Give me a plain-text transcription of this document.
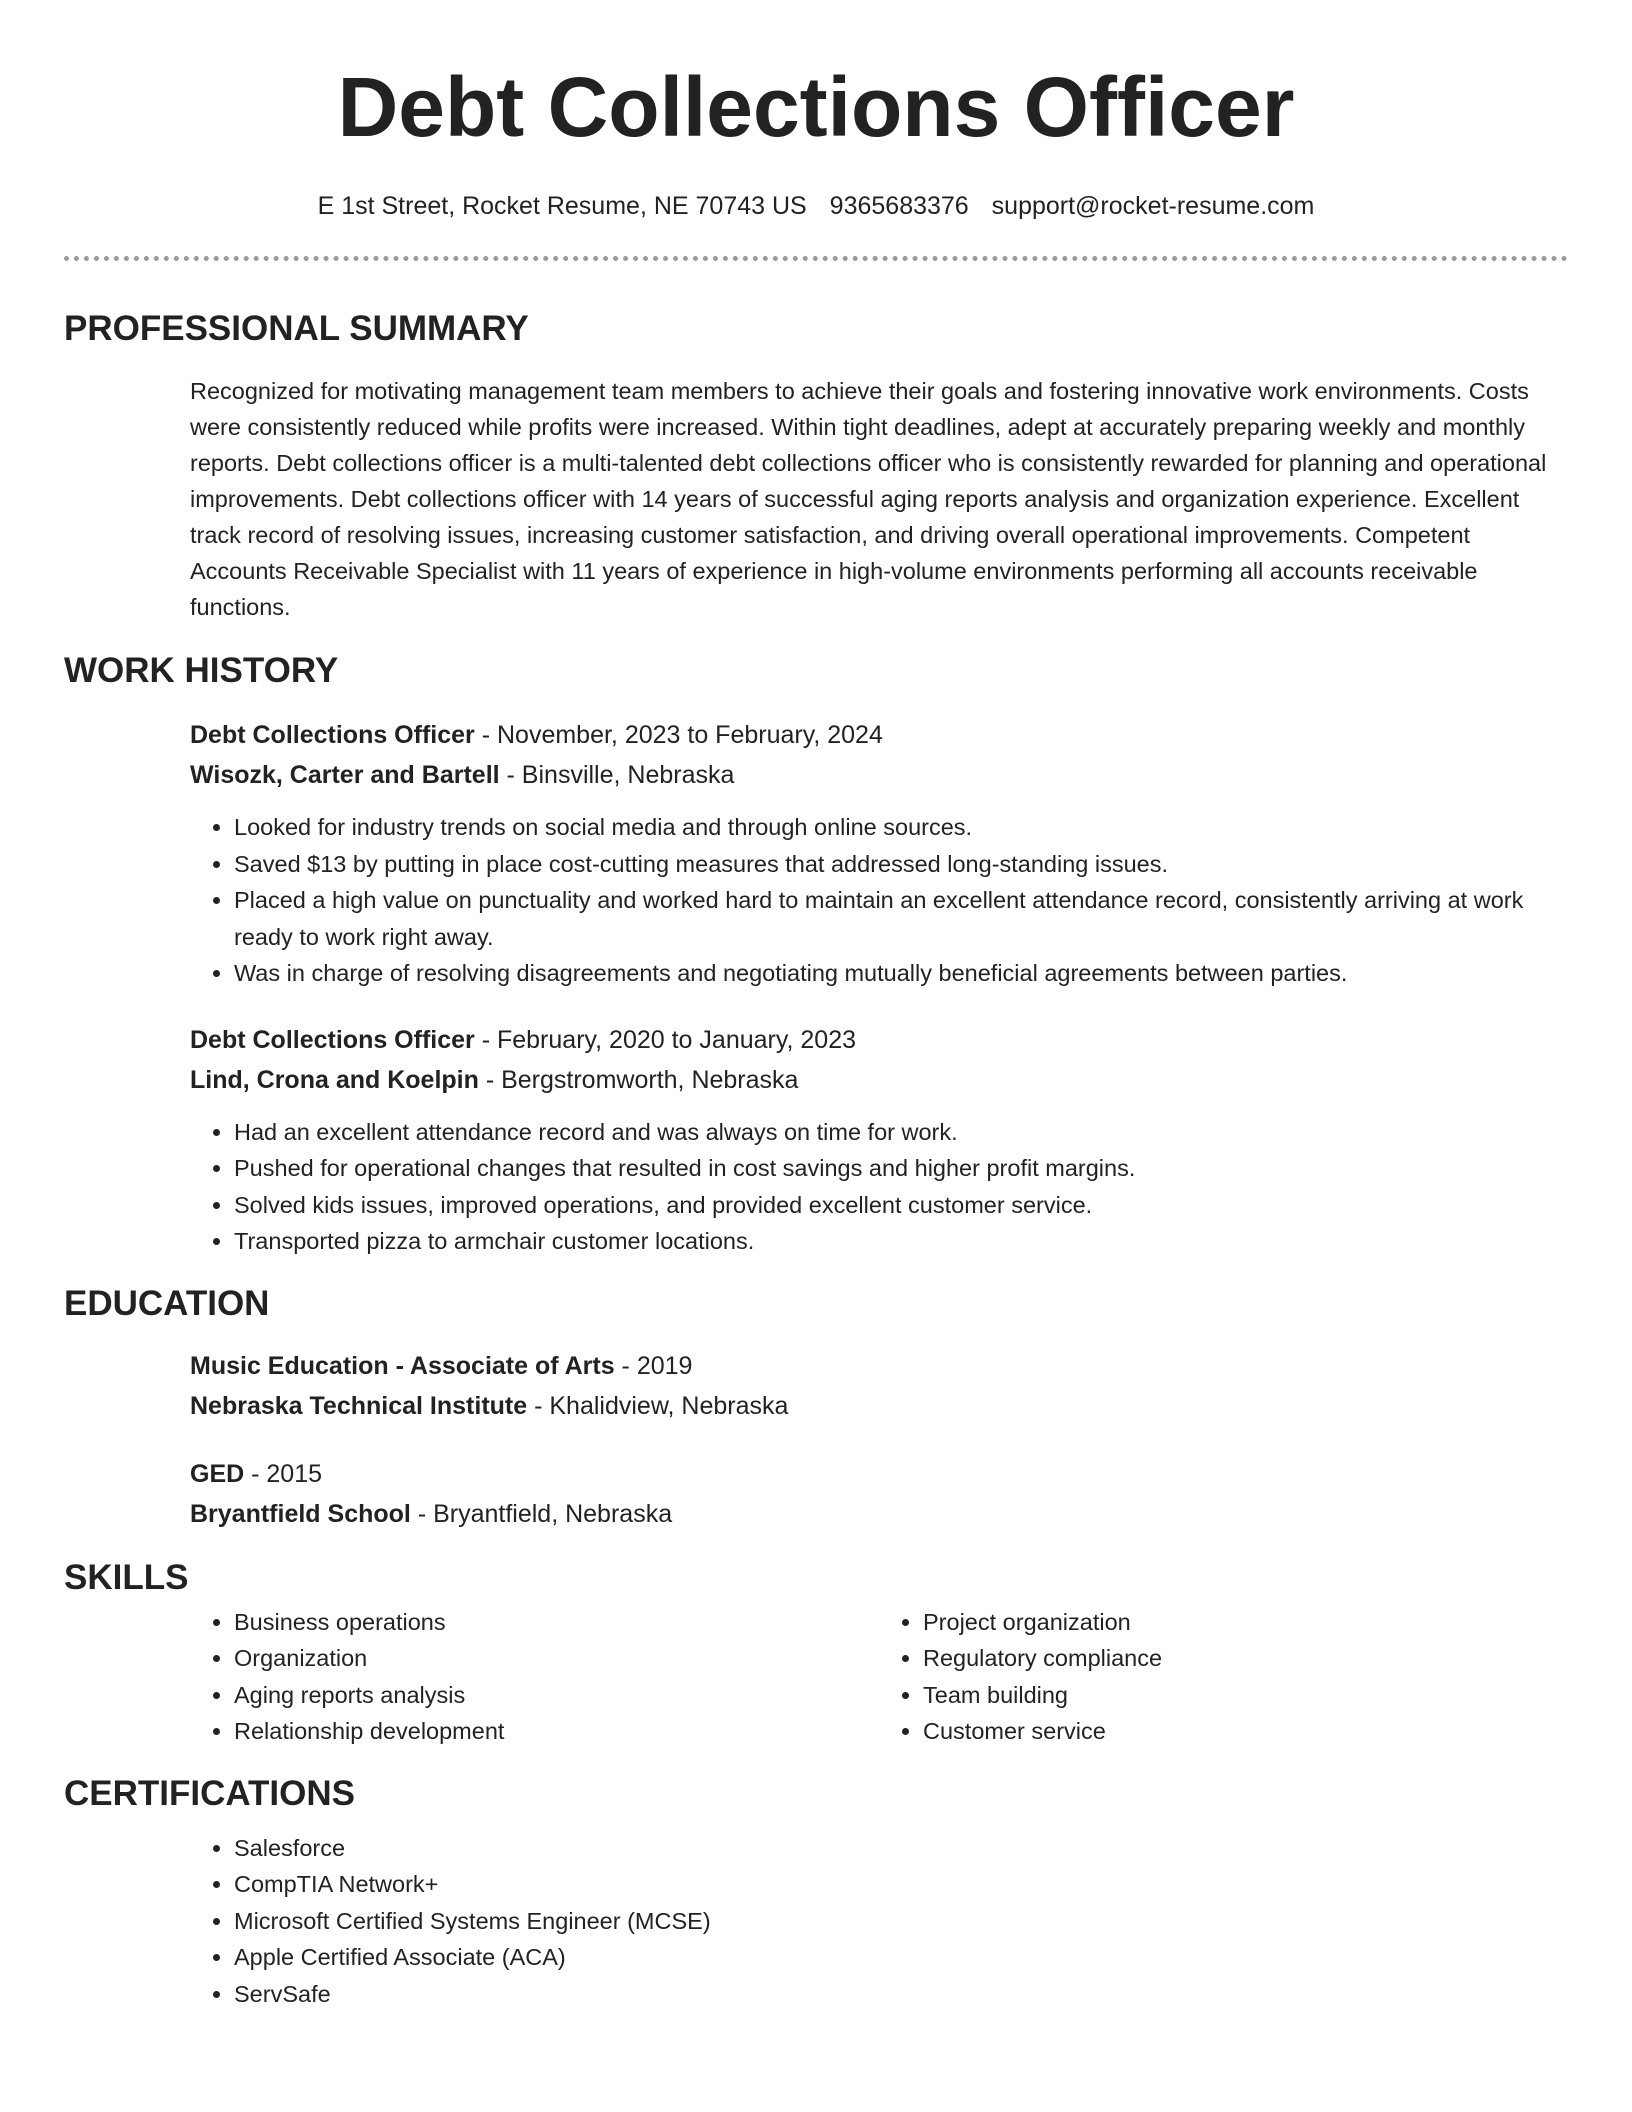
Debt Collections Officer
E 1st Street, Rocket Resume, NE 70743 US 9365683376 support@rocket-resume.com
PROFESSIONAL SUMMARY

Recognized for motivating management team members to achieve their goals and fostering innovative work environments. Costs were consistently reduced while profits were increased. Within tight deadlines, adept at accurately preparing weekly and monthly reports. Debt collections officer is a multi-talented debt collections officer who is consistently rewarded for planning and operational improvements. Debt collections officer with 14 years of successful aging reports analysis and organization experience. Excellent track record of resolving issues, increasing customer satisfaction, and driving overall operational improvements. Competent Accounts Receivable Specialist with 11 years of experience in high-volume environments performing all accounts receivable functions.

WORK HISTORY
Debt Collections Officer - November, 2023 to February, 2024
Wisozk, Carter and Bartell - Binsville, Nebraska
• Looked for industry trends on social media and through online sources.
• Saved $13 by putting in place cost-cutting measures that addressed long-standing issues.
• Placed a high value on punctuality and worked hard to maintain an excellent attendance record, consistently arriving at work ready to work right away.
• Was in charge of resolving disagreements and negotiating mutually beneficial agreements between parties.
Debt Collections Officer - February, 2020 to January, 2023
Lind, Crona and Koelpin - Bergstromworth, Nebraska
• Had an excellent attendance record and was always on time for work.
• Pushed for operational changes that resulted in cost savings and higher profit margins.
• Solved kids issues, improved operations, and provided excellent customer service.
• Transported pizza to armchair customer locations.
EDUCATION
Music Education - Associate of Arts - 2019
Nebraska Technical Institute - Khalidview, Nebraska
GED - 2015
Bryantfield School - Bryantfield, Nebraska
SKILLS
• Business operations
• Organization
• Aging reports analysis
• Relationship development
• Project organization
• Regulatory compliance
• Team building
• Customer service
CERTIFICATIONS
• Salesforce
• CompTIA Network+
• Microsoft Certified Systems Engineer (MCSE)
• Apple Certified Associate (ACA)
• ServSafe
